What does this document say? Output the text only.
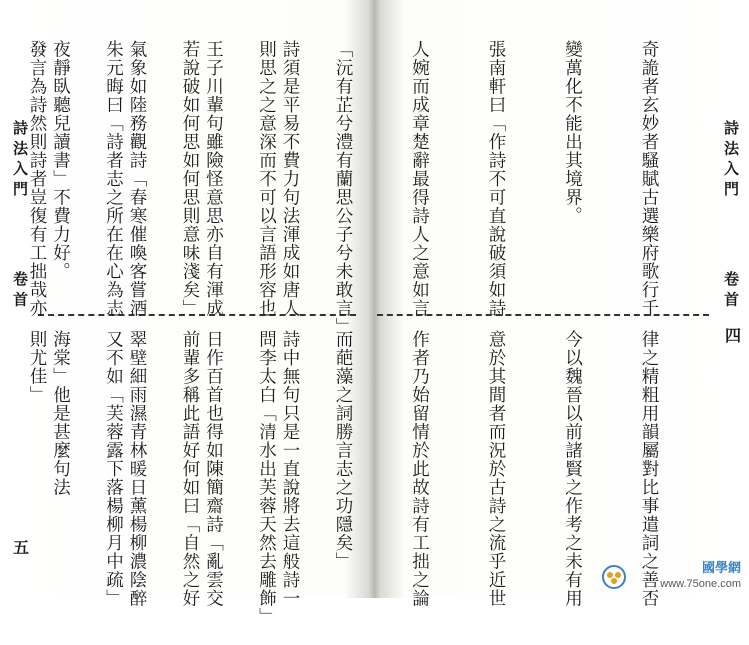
詩須是平易不費力句法渾成如唐人

王子川輩句雖險怪意思亦自有渾成

氣象如陸務觀詩「春寒催喚客嘗酒

夜靜臥聽兒讀書」不費力好。

詩中無句只是一直說將去這般詩一

日作百首也得如陳簡齋詩「亂雲交

翠壁細雨濕青林暖日薰楊柳濃陰醉

海棠」他是甚麼句法

詩法入門 卷首
五

奇詭者玄妙者騷賦古選樂府歌行千

變萬化不能出其境界。

張南軒曰「作詩不可直說破須如詩

人婉而成章楚辭最得詩人之意如言

「沅有芷兮澧有蘭思公子兮未敢言」

則思之之意深而不可以言語形容也

若說破如何思如何思則意味淺矣」

朱元晦曰「詩者志之所在在心為志

發言為詩然則詩者豈復有工拙哉亦

律之精粗用韻屬對比事遣詞之善否

今以魏晉以前諸賢之作考之未有用

意於其間者而況於古詩之流乎近世

作者乃始留情於此故詩有工拙之論

而葩藻之詞勝言志之功隱矣」

問李太白「清水出芙蓉天然去雕飾」

前輩多稱此語好何如曰「自然之好

又不如「芙蓉露下落楊柳月中疏」

則尤佳」

詩法入門 卷首
四
國學網
www.75one.com
